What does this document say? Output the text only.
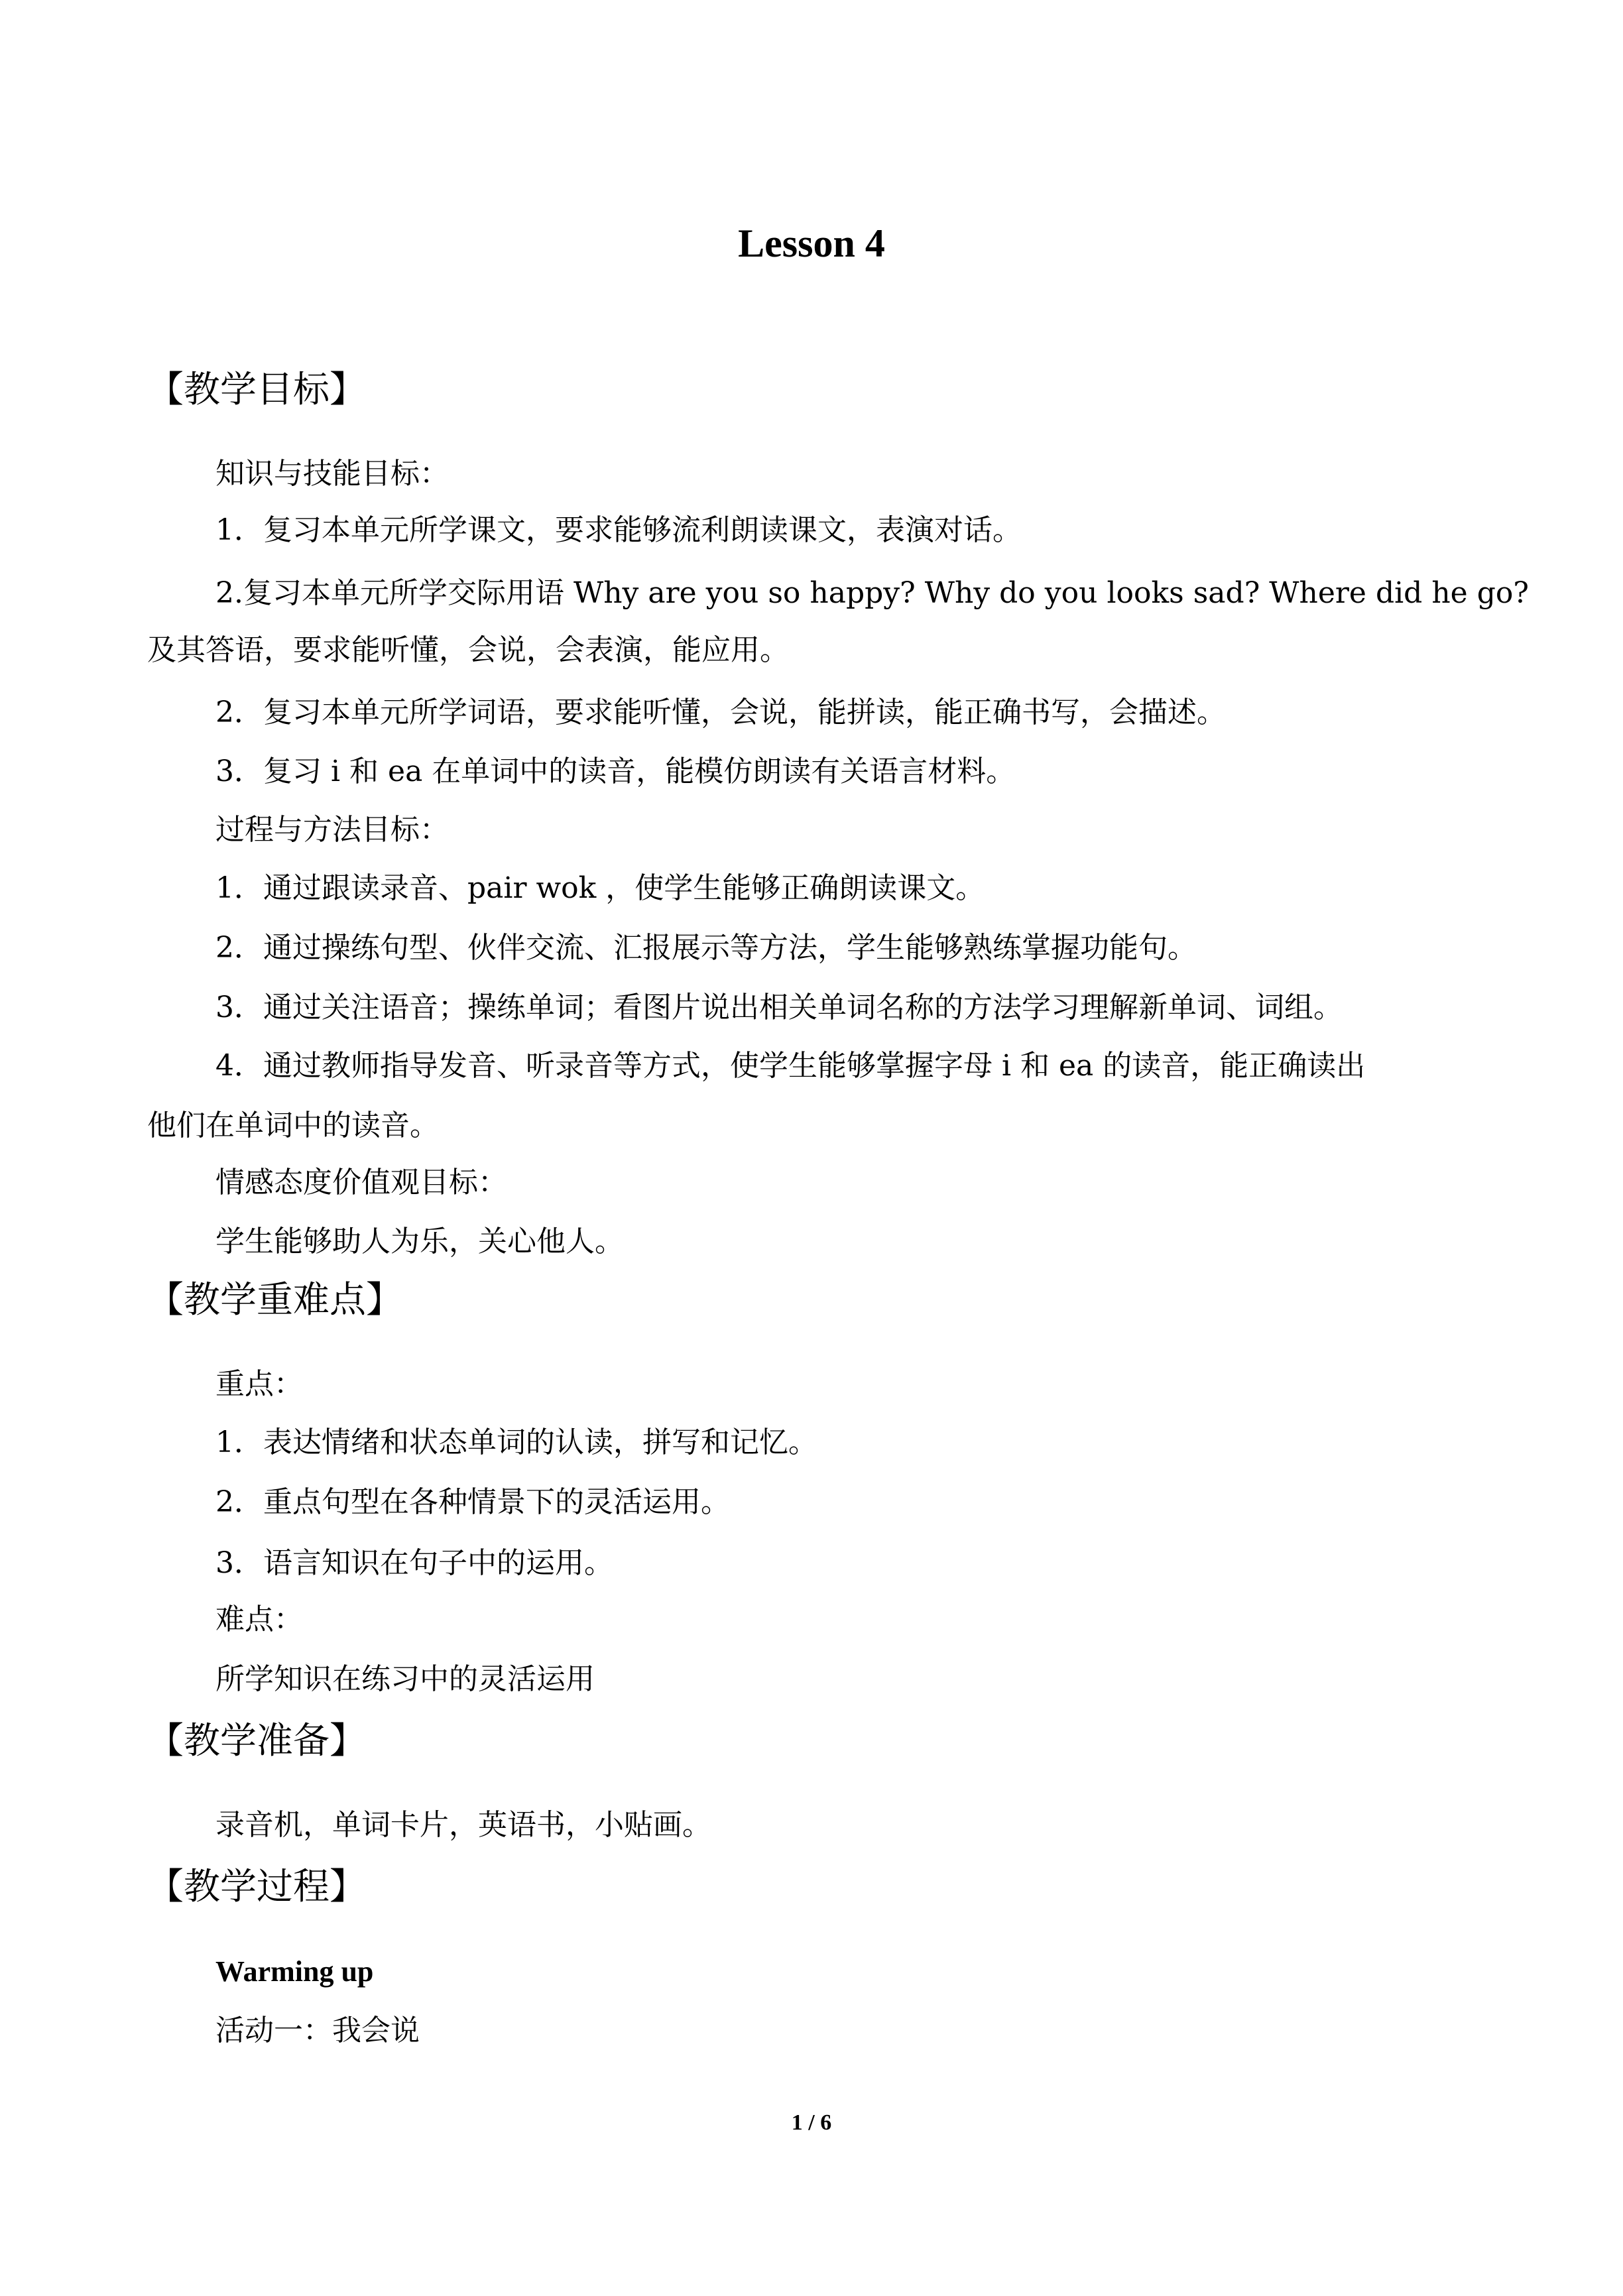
Lesson 4
【教学目标】
知识与技能目标：
1．复习本单元所学课文，要求能够流利朗读课文，表演对话。
2.复习本单元所学交际用语 Why are you so happy? Why do you looks sad? Where did he go?
及其答语，要求能听懂，会说，会表演，能应用。
2．复习本单元所学词语，要求能听懂，会说，能拼读，能正确书写，会描述。
3．复习 i 和 ea 在单词中的读音，能模仿朗读有关语言材料。
过程与方法目标：
1．通过跟读录音、pair wok ，使学生能够正确朗读课文。
2．通过操练句型、伙伴交流、汇报展示等方法，学生能够熟练掌握功能句。
3．通过关注语音；操练单词；看图片说出相关单词名称的方法学习理解新单词、词组。
4．通过教师指导发音、听录音等方式，使学生能够掌握字母 i 和 ea 的读音，能正确读出
他们在单词中的读音。
情感态度价值观目标：
学生能够助人为乐，关心他人。
【教学重难点】
重点：
1．表达情绪和状态单词的认读，拼写和记忆。
2．重点句型在各种情景下的灵活运用。
3．语言知识在句子中的运用。
难点：
所学知识在练习中的灵活运用
【教学准备】
录音机，单词卡片，英语书，小贴画。
【教学过程】
Warming up
活动一：我会说
1 / 6
